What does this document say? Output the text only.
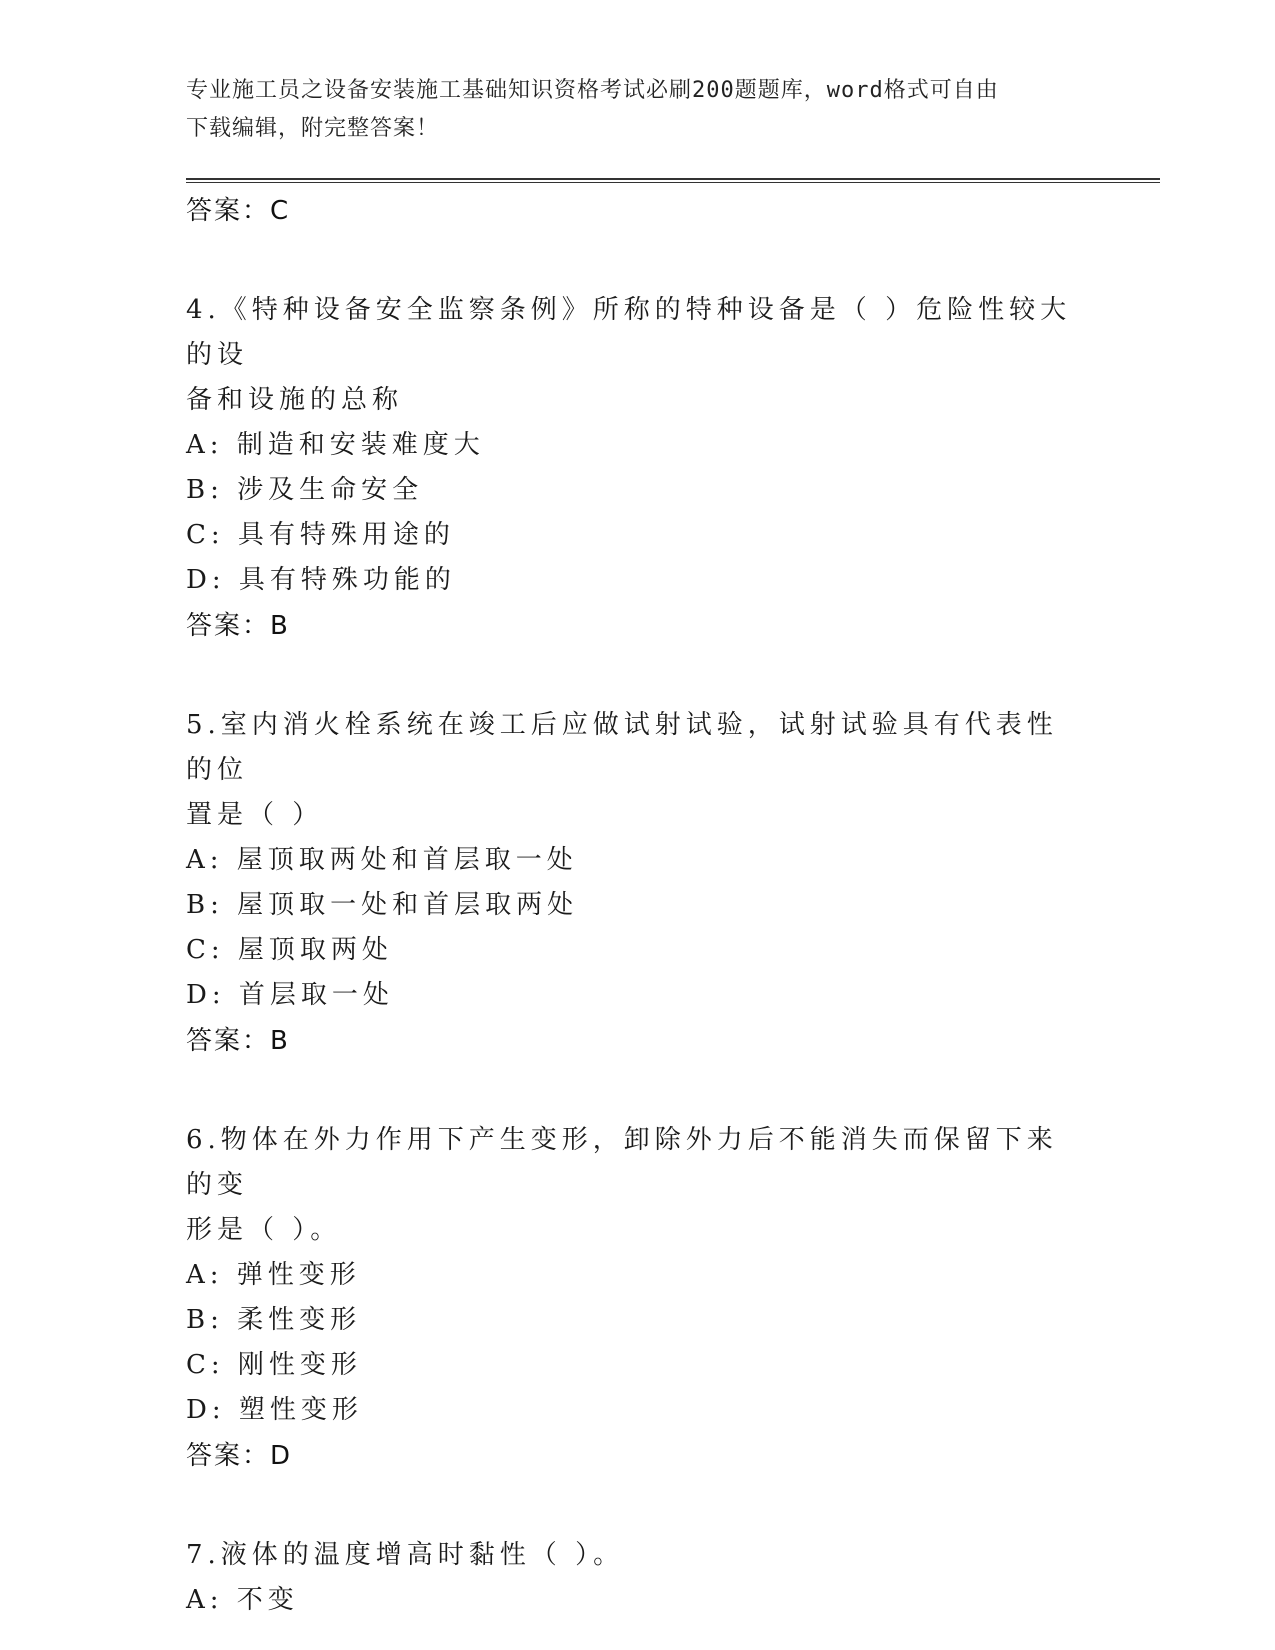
专业施工员之设备安装施工基础知识资格考试必刷200题题库，word格式可自由
下载编辑，附完整答案！
答案：C
4.《特种设备安全监察条例》所称的特种设备是（ ）危险性较大的设
备和设施的总称
A: 制造和安装难度大
B: 涉及生命安全
C: 具有特殊用途的
D: 具有特殊功能的
答案：B
5.室内消火栓系统在竣工后应做试射试验，试射试验具有代表性的位
置是（ ）
A: 屋顶取两处和首层取一处
B: 屋顶取一处和首层取两处
C: 屋顶取两处
D: 首层取一处
答案：B
6.物体在外力作用下产生变形，卸除外力后不能消失而保留下来的变
形是（ ）。
A: 弹性变形
B: 柔性变形
C: 刚性变形
D: 塑性变形
答案：D
7.液体的温度增高时黏性（ ）。
A: 不变
